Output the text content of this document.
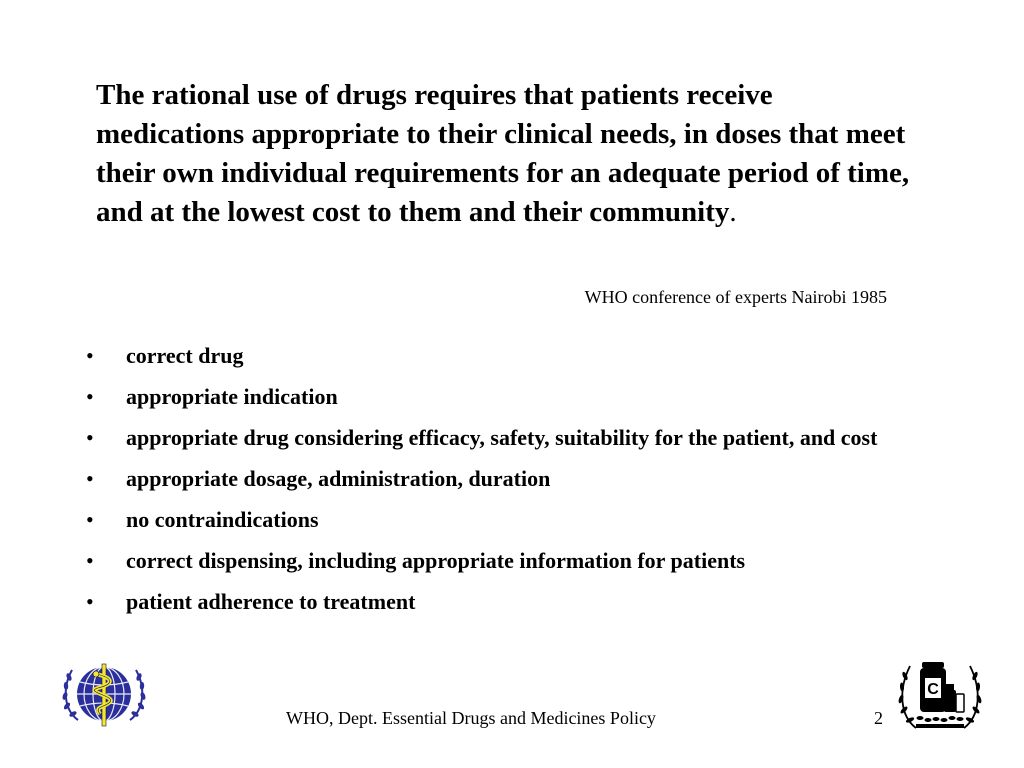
The rational use of drugs requires that patients receive medications appropriate to their clinical needs, in doses that meet their own individual requirements for an adequate period of time, and at the lowest cost to them and their community.

WHO conference of experts Nairobi 1985

•	correct drug
•	appropriate indication
•	appropriate drug considering efficacy, safety, suitability for the patient, and cost
•	appropriate dosage, administration, duration
•	no contraindications
•	correct dispensing, including appropriate information for patients
•	patient adherence to treatment

WHO, Dept. Essential Drugs and Medicines Policy	2

C
